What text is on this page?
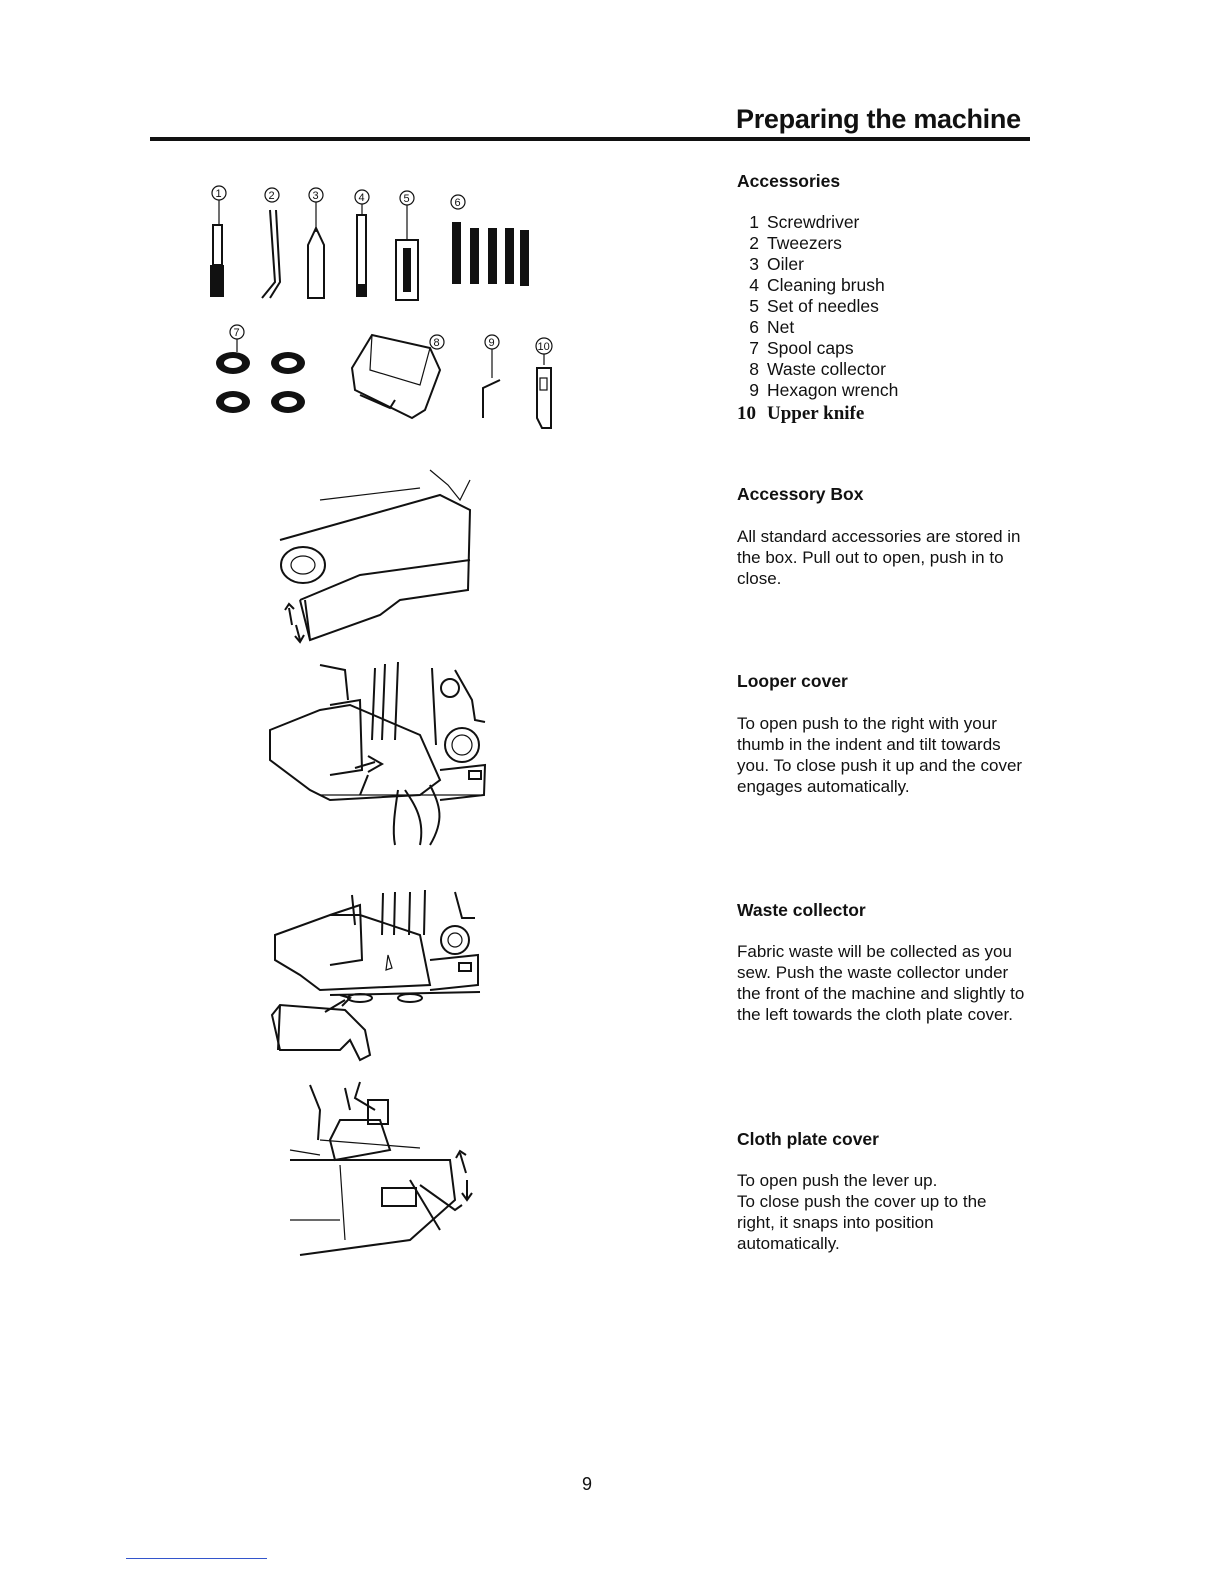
1	2	3	4	5	6
7
8	9	10
Preparing the machine
Accessories
1 Screwdriver
2 Tweezers
3 Oiler
4 Cleaning brush
5 Set of needles
6 Net
7 Spool caps
8 Waste collector
9 Hexagon wrench
10 Upper knife
Accessory Box
All standard accessories are stored in the box. Pull out to open, push in to close.
Looper cover
To open push to the right with your thumb in the indent and tilt towards you. To close push it up and the cover engages automatically.
Waste collector
Fabric waste will be collected as you sew. Push the waste collector under the front of the machine and slightly to the left towards the cloth plate cover.
Cloth plate cover
To open push the lever up.
To close push the cover up to the right, it snaps into position automatically.
9
